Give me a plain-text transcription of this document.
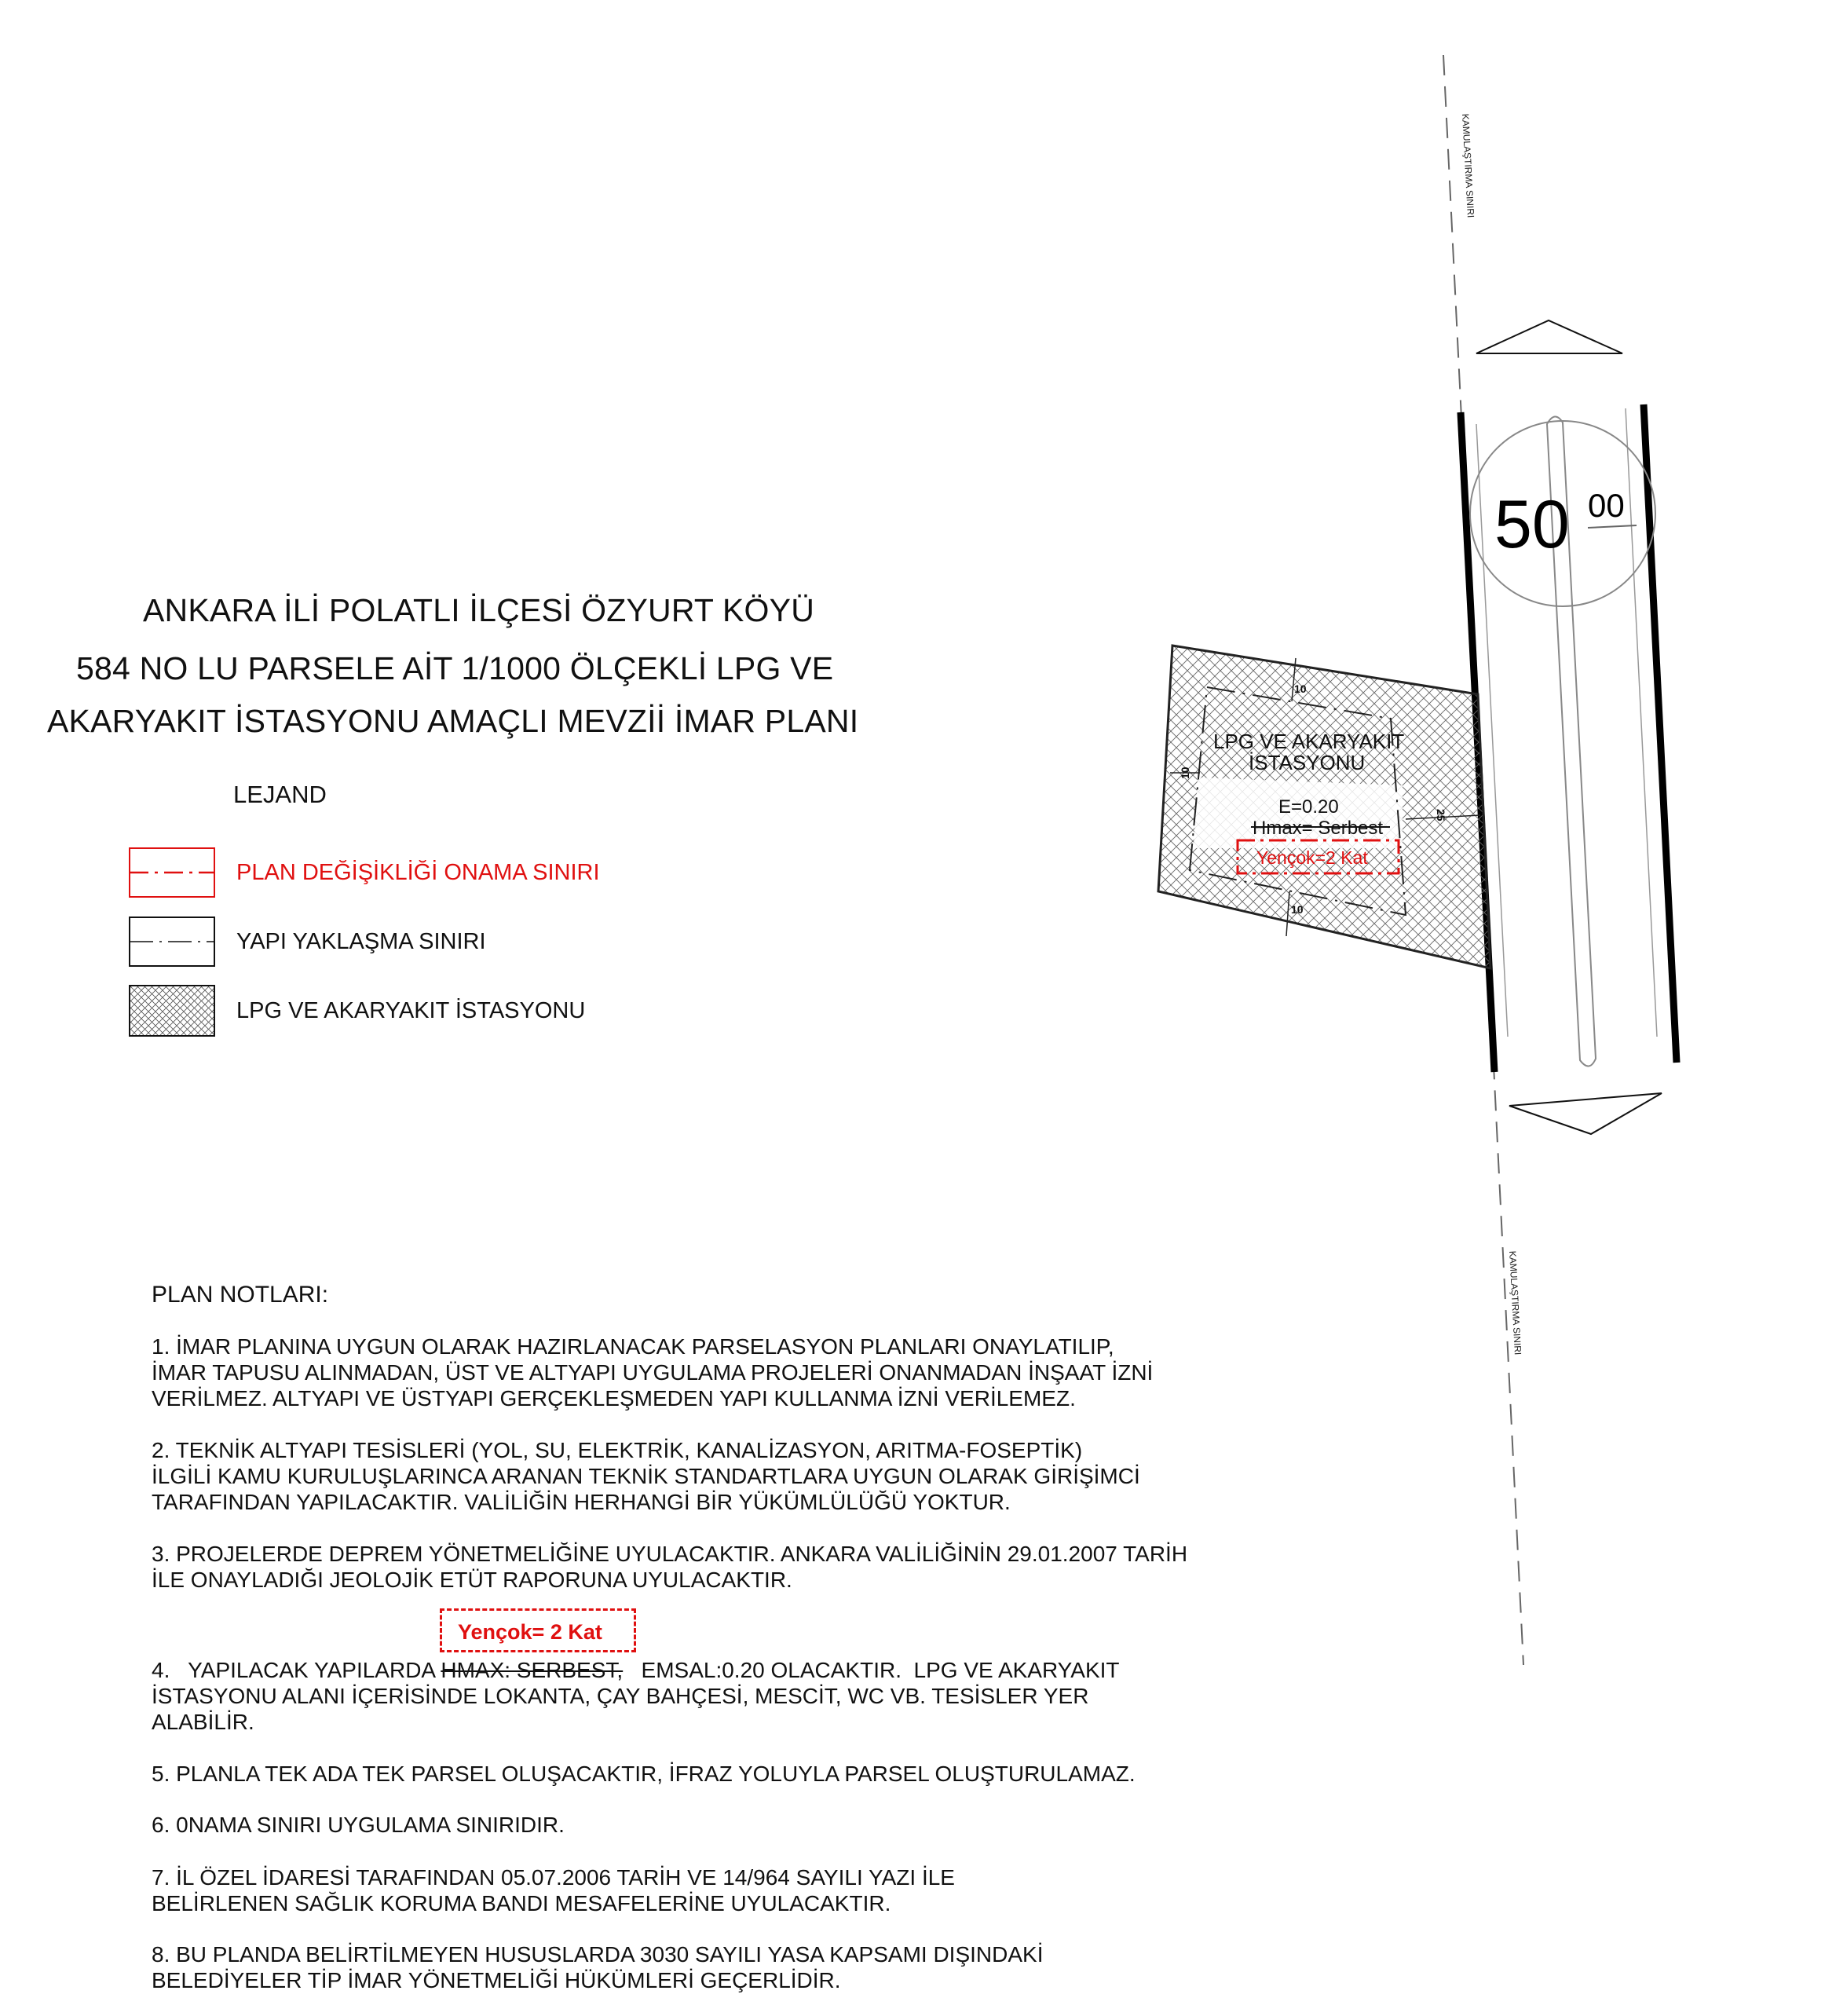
ANKARA İLİ POLATLI İLÇESİ ÖZYURT KÖYÜ
584 NO LU PARSELE AİT 1/1000 ÖLÇEKLİ LPG VE
AKARYAKIT İSTASYONU AMAÇLI MEVZİİ İMAR PLANI
LEJAND
PLAN DEĞİŞİKLİĞİ ONAMA SINIRI
YAPI YAKLAŞMA SINIRI
LPG VE AKARYAKIT İSTASYONU
KAMULAŞTIRMA SINIRI
KAMULAŞTIRMA SINIRI
50 00
LPG VE AKARYAKIT
İSTASYONU
E=0.20
Hmax= Serbest
Yençok=2 Kat
10
10
10
25
PLAN NOTLARI:

1. İMAR PLANINA UYGUN OLARAK HAZIRLANACAK PARSELASYON PLANLARI ONAYLATILIP,

İMAR TAPUSU ALINMADAN, ÜST VE ALTYAPI UYGULAMA PROJELERİ ONANMADAN İNŞAAT İZNİ

VERİLMEZ. ALTYAPI VE ÜSTYAPI GERÇEKLEŞMEDEN YAPI KULLANMA İZNİ VERİLEMEZ.

2. TEKNİK ALTYAPI TESİSLERİ (YOL, SU, ELEKTRİK, KANALİZASYON, ARITMA-FOSEPTİK)

İLGİLİ KAMU KURULUŞLARINCA ARANAN TEKNİK STANDARTLARA UYGUN OLARAK GİRİŞİMCİ

TARAFINDAN YAPILACAKTIR. VALİLİĞİN HERHANGİ BİR YÜKÜMLÜLÜĞÜ YOKTUR.

3. PROJELERDE DEPREM YÖNETMELİĞİNE UYULACAKTIR. ANKARA VALİLİĞİNİN 29.01.2007 TARİH

İLE ONAYLADIĞI JEOLOJİK ETÜT RAPORUNA UYULACAKTIR.

Yençok= 2 Kat

4.   YAPILACAK YAPILARDA HMAX: SERBEST,   EMSAL:0.20 OLACAKTIR.  LPG VE AKARYAKIT

İSTASYONU ALANI İÇERİSİNDE LOKANTA, ÇAY BAHÇESİ, MESCİT, WC VB. TESİSLER YER

ALABİLİR.

5. PLANLA TEK ADA TEK PARSEL OLUŞACAKTIR, İFRAZ YOLUYLA PARSEL OLUŞTURULAMAZ.
6. 0NAMA SINIRI UYGULAMA SINIRIDIR.

7. İL ÖZEL İDARESİ TARAFINDAN 05.07.2006 TARİH VE 14/964 SAYILI YAZI İLE

BELİRLENEN SAĞLIK KORUMA BANDI MESAFELERİNE UYULACAKTIR.

8. BU PLANDA BELİRTİLMEYEN HUSUSLARDA 3030 SAYILI YASA KAPSAMI DIŞINDAKİ

BELEDİYELER TİP İMAR YÖNETMELİĞİ HÜKÜMLERİ GEÇERLİDİR.
